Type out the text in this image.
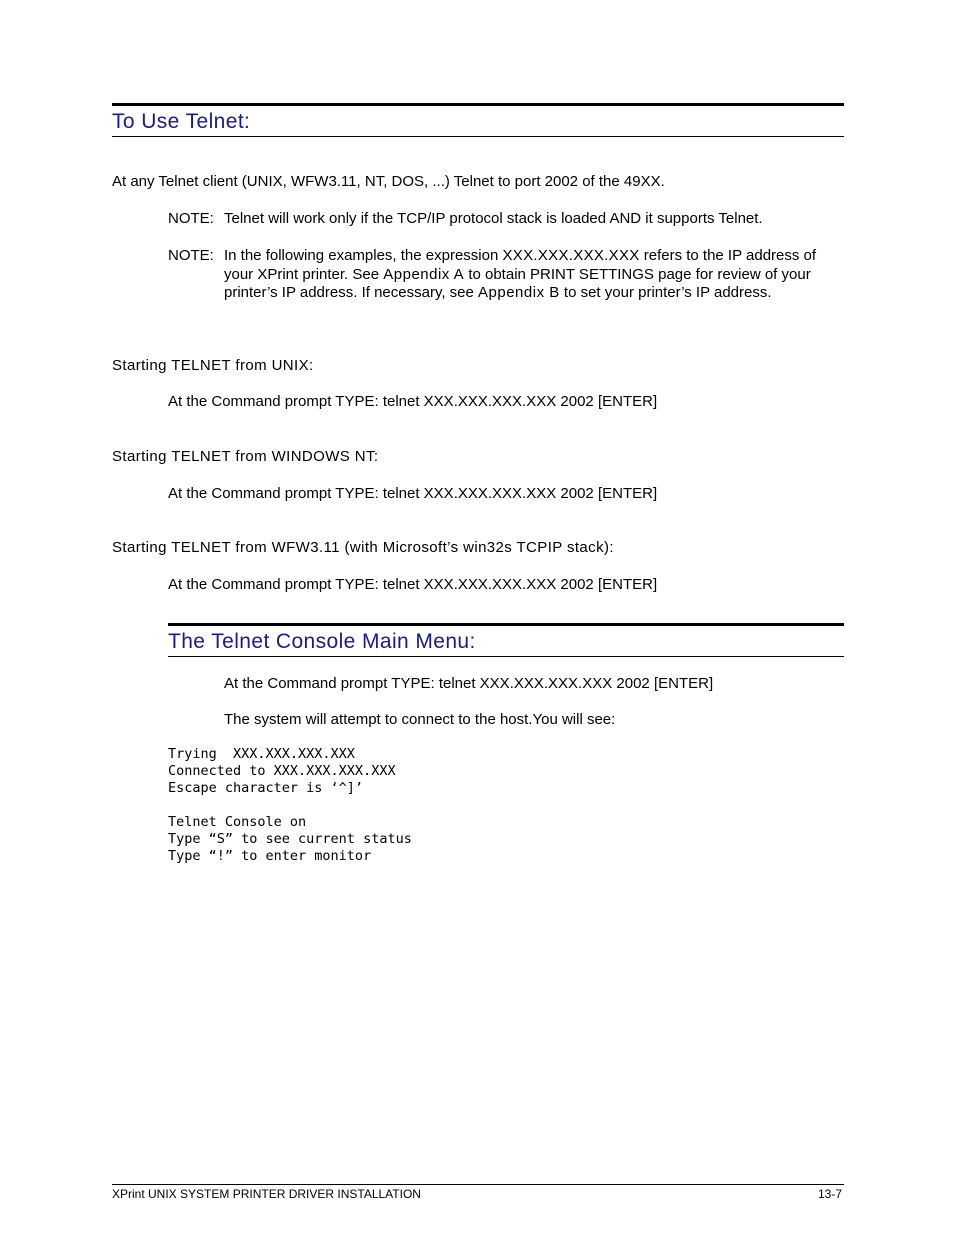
To Use Telnet:
At any Telnet client (UNIX, WFW3.11, NT, DOS, ...) Telnet to port 2002 of the 49XX.
NOTE: Telnet will work only if the TCP/IP protocol stack is loaded AND it supports Telnet.
NOTE: In the following examples, the expression XXX.XXX.XXX.XXX refers to the IP address of your XPrint printer. See Appendix A to obtain PRINT SETTINGS page for review of your printer’s IP address. If necessary, see Appendix B to set your printer’s IP address.
Starting TELNET from UNIX:
At the Command prompt TYPE: telnet XXX.XXX.XXX.XXX 2002 [ENTER]
Starting TELNET from WINDOWS NT:
At the Command prompt TYPE: telnet XXX.XXX.XXX.XXX 2002 [ENTER]
Starting TELNET from WFW3.11 (with Microsoft’s win32s TCPIP stack):
At the Command prompt TYPE: telnet XXX.XXX.XXX.XXX 2002 [ENTER]
The Telnet Console Main Menu:
At the Command prompt TYPE: telnet XXX.XXX.XXX.XXX 2002 [ENTER]
The system will attempt to connect to the host.You will see:
Trying  XXX.XXX.XXX.XXX
Connected to XXX.XXX.XXX.XXX
Escape character is ‘^]’
Telnet Console on
Type “S” to see current status
Type “!” to enter monitor
XPrint UNIX SYSTEM PRINTER DRIVER INSTALLATION	13-7
